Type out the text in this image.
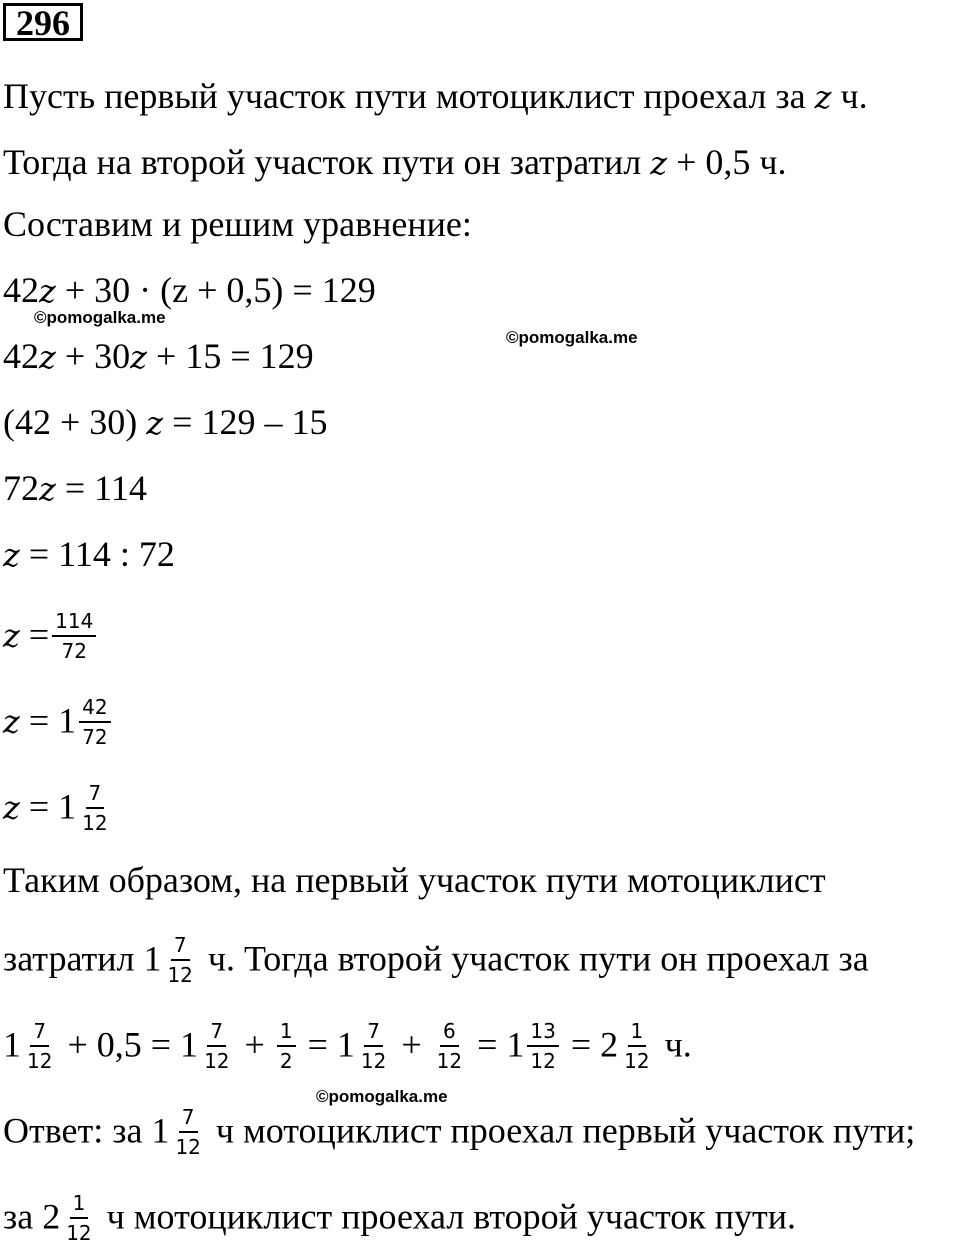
296
Пусть первый участок пути мотоциклист проехал за z ч.
Тогда на второй участок пути он затратил z + 0,5 ч.
Составим и решим уравнение:
42z + 30 · (z + 0,5) = 129
©pomogalka.me
©pomogalka.me
42z + 30z + 15 = 129
(42 + 30) z = 129 – 15
72z = 114
z = 114 : 72
$z = \frac{114}{72}$
$z = 1 \frac{42}{72}$
$z = 1 \frac{7}{12}$
Таким образом, на первый участок пути мотоциклист
затратил $1 \frac{7}{12} ч$. Тогда второй участок пути он проехал за
$1 \frac{7}{12} + 0,5 = 1 \frac{7}{12} + \frac{1}{2} = 1 \frac{7}{12} + \frac{6}{12} = 1 \frac{13}{12} = 2 \frac{1}{12} ч$.
©pomogalka.me
Ответ: за $1 \frac{7}{12}$ ч мотоциклист проехал первый участок пути;
за $2 \frac{1}{12}$ ч мотоциклист проехал второй участок пути.
